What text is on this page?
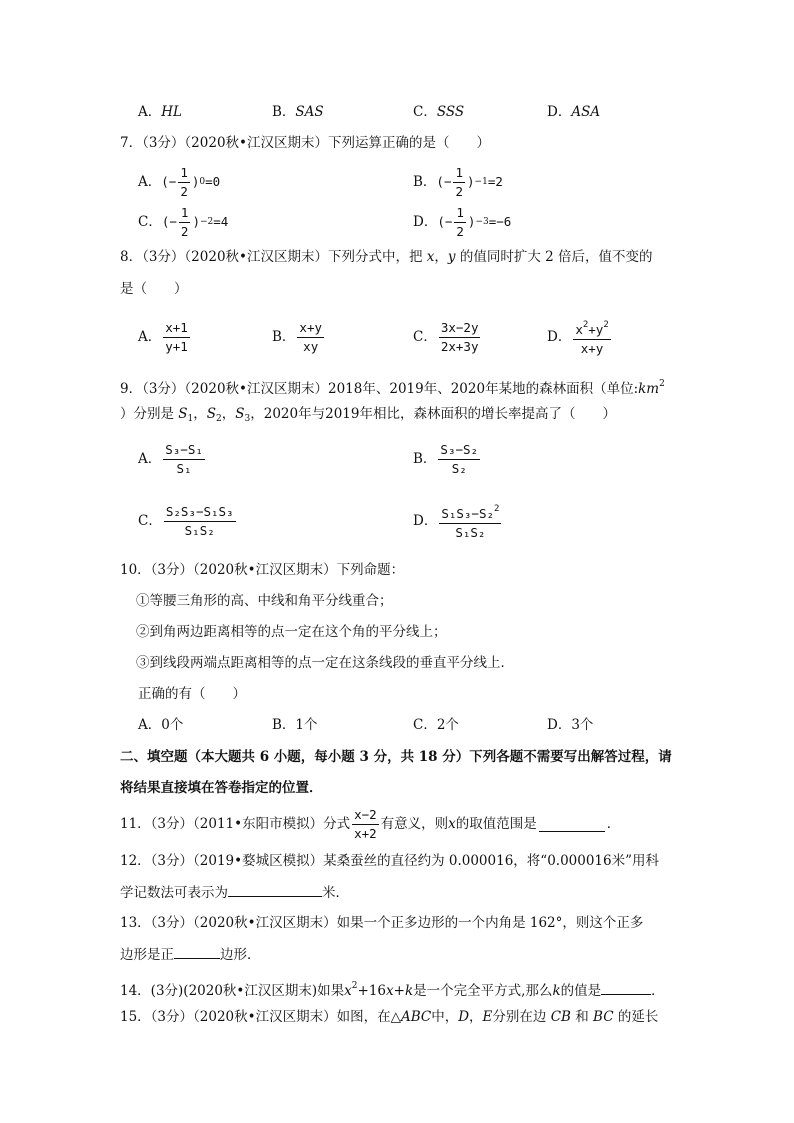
A．HL	B．SAS	C．SSS	D．ASA
7．（3分）（2020秋•江汉区期末）下列运算正确的是（　　）
A． (− $\frac{1}{2}$ ) 0 =0	B． (− $\frac{1}{2}$ ) −1 =2
C． (− $\frac{1}{2}$ ) −2 =4	D． (− $\frac{1}{2}$ ) −3 =−6
8．（3分）（2020秋•江汉区期末）下列分式中，把 x，y 的值同时扩大 2 倍后，值不变的
是（　　）
A． $\frac{x+1}{y+1}$	B． $\frac{x+y}{xy}$	C． $\frac{3x-2y}{2x+3y}$	D． $\frac{x^2+y^2}{x+y}$
9．（3分）（2020秋•江汉区期末）2018年、2019年、2020年某地的森林面积（单位$:km^2$
）分别是 $S_1$，$S_2$，$S_3$，2020年与2019年相比，森林面积的增长率提高了（　　）
A． $\frac{\text{S₃−S₁}}{\text{S₁}}$	B． $\frac{\text{S₃−S₂}}{\text{S₂}}$
C． $\frac{\text{S₂S₃−S₁S₃}}{\text{S₁S₂}}$	D． $\frac{S_1S_3-S_2^2}{\text{S₁S₂}}$
10．（3分）（2020秋•江汉区期末）下列命题：
①等腰三角形的高、中线和角平分线重合；
②到角两边距离相等的点一定在这个角的平分线上；
③到线段两端点距离相等的点一定在这条线段的垂直平分线上．
正确的有（　　）
A．0个	B．1个	C．2个	D．3个
二、填空题（本大题共 6 小题，每小题 3 分，共 18 分）下列各题不需要写出解答过程，请
将结果直接填在答卷指定的位置．
11．（3分）（2011•东阳市模拟）分式 $\frac{x-2}{x+2}$ 有意义，则 x 的取值范围是	．
12．（3分）（2019•婺城区模拟）某桑蚕丝的直径约为 0.000016，将“0.000016米”用科
学记数法可表示为	米．
13．（3分）（2020秋•江汉区期末）如果一个正多边形的一个内角是 162°，则这个正多
边形是正	边形．
14．(3分)(2020秋•江汉区期末)如果$x^2+16x+k$是一个完全平方式,那么k的值是	．
15．（3分）（2020秋•江汉区期末）如图，在△ABC中，D，E分别在边 CB 和 BC 的延长
